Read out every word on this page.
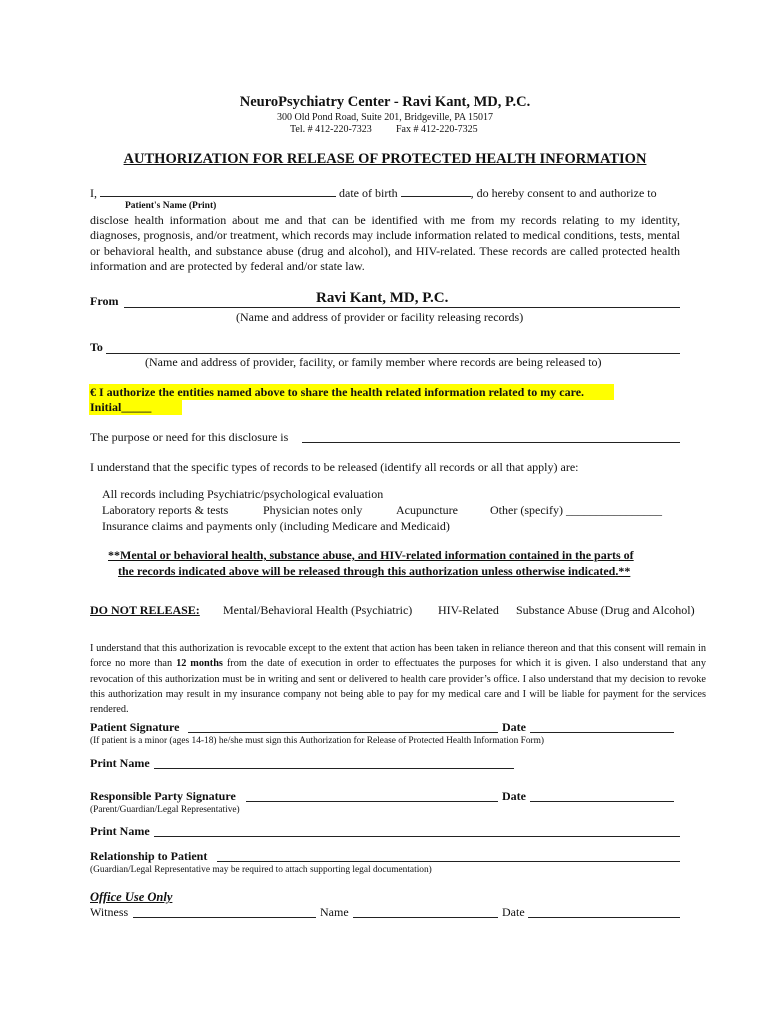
NeuroPsychiatry Center - Ravi Kant, MD, P.C.
300 Old Pond Road, Suite 201, Bridgeville, PA 15017
Tel. # 412-220-7323 Fax # 412-220-7325
AUTHORIZATION FOR RELEASE OF PROTECTED HEALTH INFORMATION
I,	date of birth	, do hereby consent to and authorize to
Patient's Name (Print)
disclose health information about me and that can be identified with me from my records relating to my identity, diagnoses, prognosis, and/or treatment, which records may include information related to medical conditions, tests, mental or behavioral health, and substance abuse (drug and alcohol), and HIV-related. These records are called protected health information and are protected by federal and/or state law.
From	Ravi Kant, MD, P.C.
(Name and address of provider or facility releasing records)
To
(Name and address of provider, facility, or family member where records are being released to)
€ I authorize the entities named above to share the health related information related to my care.
Initial_____
The purpose or need for this disclosure is
I understand that the specific types of records to be released (identify all records or all that apply) are:
All records including Psychiatric/psychological evaluation
Laboratory reports & tests	Physician notes only	Acupuncture	Other (specify) ________________
Insurance claims and payments only (including Medicare and Medicaid)
**Mental or behavioral health, substance abuse, and HIV-related information contained in the parts of
the records indicated above will be released through this authorization unless otherwise indicated.**
DO NOT RELEASE: Mental/Behavioral Health (Psychiatric) HIV-Related Substance Abuse (Drug and Alcohol)
I understand that this authorization is revocable except to the extent that action has been taken in reliance thereon and that this consent will remain in force no more than 12 months from the date of execution in order to effectuates the purposes for which it is given. I also understand that any revocation of this authorization must be in writing and sent or delivered to health care provider’s office. I also understand that my decision to revoke this authorization may result in my insurance company not being able to pay for my medical care and I will be liable for payment for the services rendered.
Patient Signature	Date
(If patient is a minor (ages 14-18) he/she must sign this Authorization for Release of Protected Health Information Form)
Print Name
Responsible Party Signature	Date
(Parent/Guardian/Legal Representative)
Print Name
Relationship to Patient
(Guardian/Legal Representative may be required to attach supporting legal documentation)
Office Use Only
Witness	Name	Date
